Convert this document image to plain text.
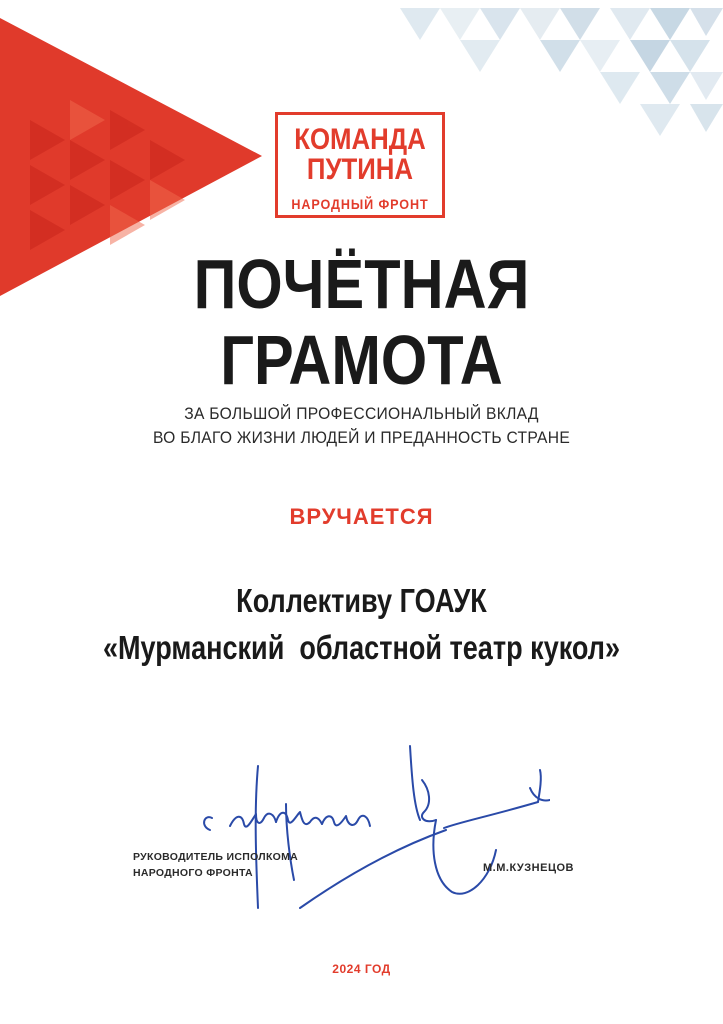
КОМАНДА
ПУТИНА
НАРОДНЫЙ ФРОНТ
ПОЧЁТНАЯ
ГРАМОТА
ЗА БОЛЬШОЙ ПРОФЕССИОНАЛЬНЫЙ ВКЛАД
ВО БЛАГО ЖИЗНИ ЛЮДЕЙ И ПРЕДАННОСТЬ СТРАНЕ
ВРУЧАЕТСЯ
Коллективу ГОАУК
«Мурманский  областной театр кукол»
РУКОВОДИТЕЛЬ ИСПОЛКОМА
НАРОДНОГО ФРОНТА	М.М.КУЗНЕЦОВ
2024 ГОД
